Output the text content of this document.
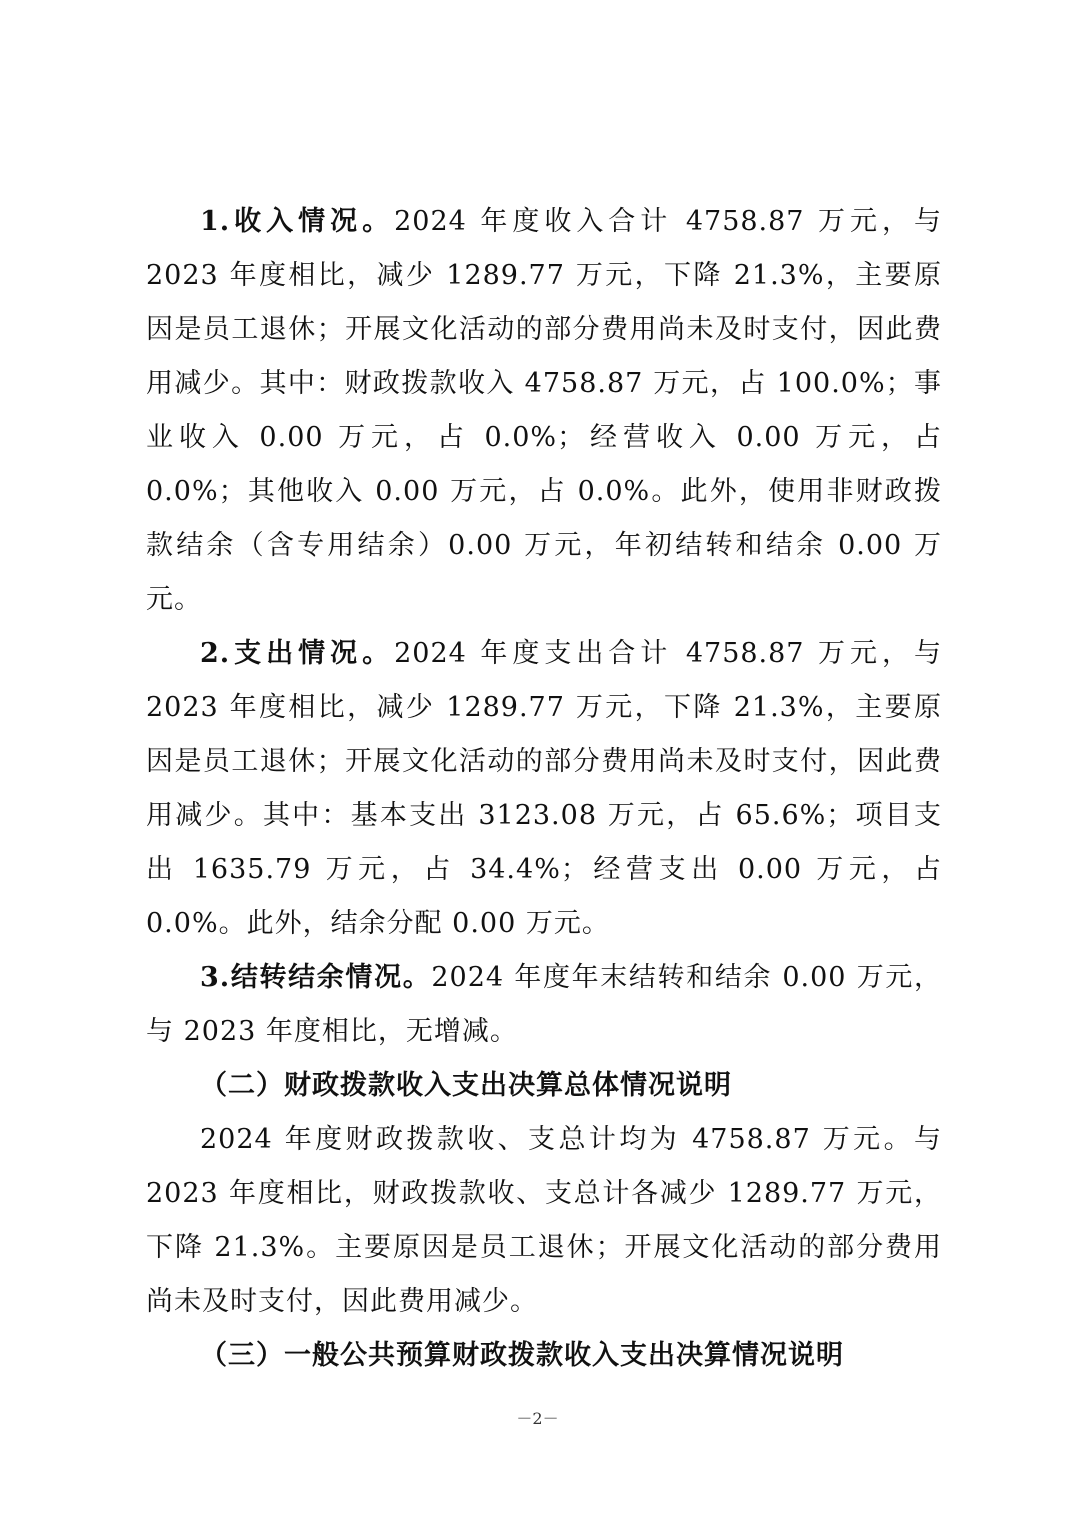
1.收入情况。2024 年度收入合计 4758.87 万元，与 2023 年度相比，减少 1289.77 万元，下降 21.3%，主要原因是员工退休；开展文化活动的部分费用尚未及时支付，因此费用减少。其中：财政拨款收入 4758.87 万元，占 100.0%；事业收入 0.00 万元，占 0.0%；经营收入 0.00 万元，占 0.0%；其他收入 0.00 万元，占 0.0%。此外，使用非财政拨款结余（含专用结余）0.00 万元，年初结转和结余 0.00 万元。

2.支出情况。2024 年度支出合计 4758.87 万元，与 2023 年度相比，减少 1289.77 万元，下降 21.3%，主要原因是员工退休；开展文化活动的部分费用尚未及时支付，因此费用减少。其中：基本支出 3123.08 万元，占 65.6%；项目支出 1635.79 万元，占 34.4%；经营支出 0.00 万元，占 0.0%。此外，结余分配 0.00 万元。

3.结转结余情况。2024 年度年末结转和结余 0.00 万元，与 2023 年度相比，无增减。

（二）财政拨款收入支出决算总体情况说明

2024 年度财政拨款收、支总计均为 4758.87 万元。与 2023 年度相比，财政拨款收、支总计各减少 1289.77 万元，下降 21.3%。主要原因是员工退休；开展文化活动的部分费用尚未及时支付，因此费用减少。

（三）一般公共预算财政拨款收入支出决算情况说明

－2－
